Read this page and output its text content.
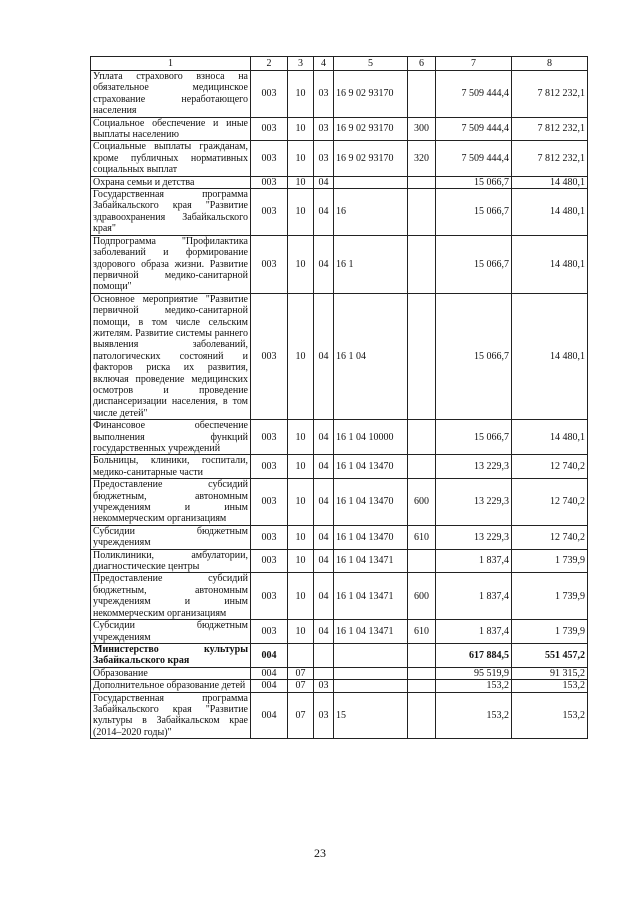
1	2	3	4	5	6	7	8
Уплата страхового взноса на обязательное медицинское страхование неработающего населения	003	10	03	16 9 02 93170		7 509 444,4	7 812 232,1
Социальное обеспечение и иные выплаты населению	003	10	03	16 9 02 93170	300	7 509 444,4	7 812 232,1
Социальные выплаты гражданам, кроме публичных нормативных социальных выплат	003	10	03	16 9 02 93170	320	7 509 444,4	7 812 232,1
Охрана семьи и детства	003	10	04			15 066,7	14 480,1
Государственная программа Забайкальского края "Развитие здравоохранения Забайкальского края"	003	10	04	16		15 066,7	14 480,1
Подпрограмма "Профилактика заболеваний и формирование здорового образа жизни. Развитие первичной медико-санитарной помощи"	003	10	04	16 1		15 066,7	14 480,1
Основное мероприятие "Развитие первичной медико-санитарной помощи, в том числе сельским жителям. Развитие системы раннего выявления заболеваний, патологических состояний и факторов риска их развития, включая проведение медицинских осмотров и проведение диспансеризации населения, в том числе детей"	003	10	04	16 1 04		15 066,7	14 480,1
Финансовое обеспечение выполнения функций государственных учреждений	003	10	04	16 1 04 10000		15 066,7	14 480,1
Больницы, клиники, госпитали, медико-санитарные части	003	10	04	16 1 04 13470		13 229,3	12 740,2
Предоставление субсидий бюджетным, автономным учреждениям и иным некоммерческим организациям	003	10	04	16 1 04 13470	600	13 229,3	12 740,2
Субсидии бюджетным учреждениям	003	10	04	16 1 04 13470	610	13 229,3	12 740,2
Поликлиники, амбулатории, диагностические центры	003	10	04	16 1 04 13471		1 837,4	1 739,9
Предоставление субсидий бюджетным, автономным учреждениям и иным некоммерческим организациям	003	10	04	16 1 04 13471	600	1 837,4	1 739,9
Субсидии бюджетным учреждениям	003	10	04	16 1 04 13471	610	1 837,4	1 739,9
Министерство культуры Забайкальского края	004					617 884,5	551 457,2
Образование	004	07				95 519,9	91 315,2
Дополнительное образование детей	004	07	03			153,2	153,2
Государственная программа Забайкальского края "Развитие культуры в Забайкальском крае (2014–2020 годы)"	004	07	03	15		153,2	153,2
23
